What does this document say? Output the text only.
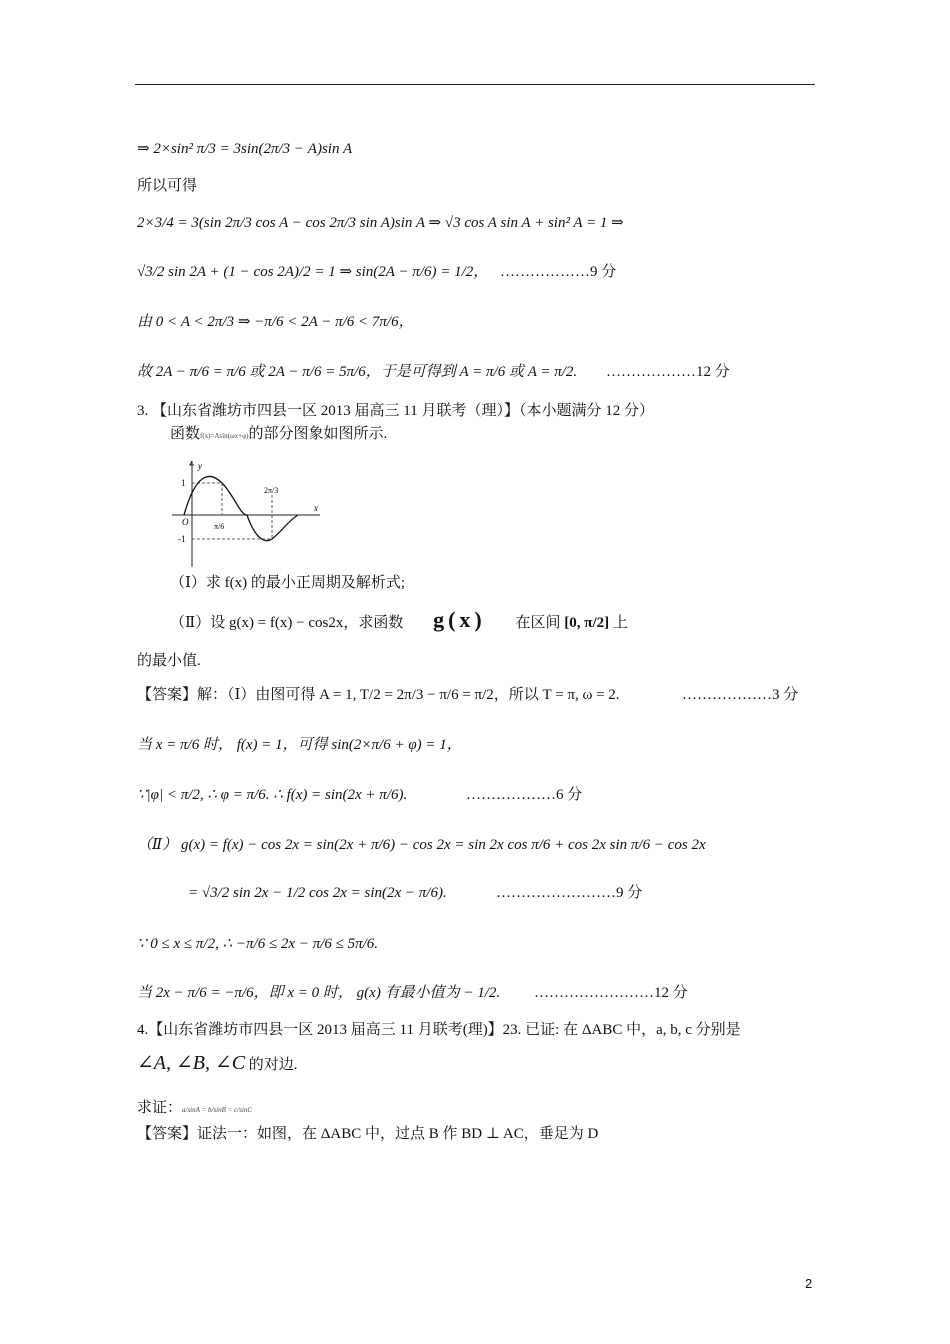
⇒ 2×sin² π/3 = 3sin(2π/3 − A)sin A
所以可得
2×3/4 = 3(sin 2π/3 cos A − cos 2π/3 sin A)sin A ⇒ √3 cos A sin A + sin² A = 1 ⇒
√3/2 sin 2A + (1 − cos 2A)/2 = 1 ⇒ sin(2A − π/6) = 1/2， ………………9 分
由 0 < A < 2π/3 ⇒ −π/6 < 2A − π/6 < 7π/6，
故 2A − π/6 = π/6 或 2A − π/6 = 5π/6，于是可得到 A = π/6 或 A = π/2. ………………12 分
3. 【山东省潍坊市四县一区 2013 届高三 11 月联考（理）】（本小题满分 12 分）
函数f(x)=Asin(ωx+φ)的部分图象如图所示.
y
x
1
-1
O	π/6
2π/3
（Ⅰ）求 f(x) 的最小正周期及解析式;
（Ⅱ）设 g(x) = f(x) − cos2x，求函数 g(x) 在区间 [0, π/2] 上
的最小值.
【答案】解：（Ⅰ）由图可得 A = 1, T/2 = 2π/3 − π/6 = π/2，所以 T = π, ω = 2.	………………3 分
当 x = π/6 时， f(x) = 1，可得 sin(2×π/6 + φ) = 1，
∵|φ| < π/2, ∴ φ = π/6. ∴ f(x) = sin(2x + π/6).	………………6 分
（Ⅱ） g(x) = f(x) − cos 2x = sin(2x + π/6) − cos 2x = sin 2x cos π/6 + cos 2x sin π/6 − cos 2x
= √3/2 sin 2x − 1/2 cos 2x = sin(2x − π/6).	……………………9 分
∵ 0 ≤ x ≤ π/2, ∴ −π/6 ≤ 2x − π/6 ≤ 5π/6.
当 2x − π/6 = −π/6，即 x = 0 时， g(x) 有最小值为 − 1/2. ……………………12 分
4.【山东省潍坊市四县一区 2013 届高三 11 月联考(理)】23. 已证: 在 ΔABC 中，a, b, c 分别是
∠A, ∠B, ∠C 的对边.
求证：a/sinA = b/sinB = c/sinC
【答案】证法一：如图，在 ΔABC 中，过点 B 作 BD ⊥ AC，垂足为 D
2
